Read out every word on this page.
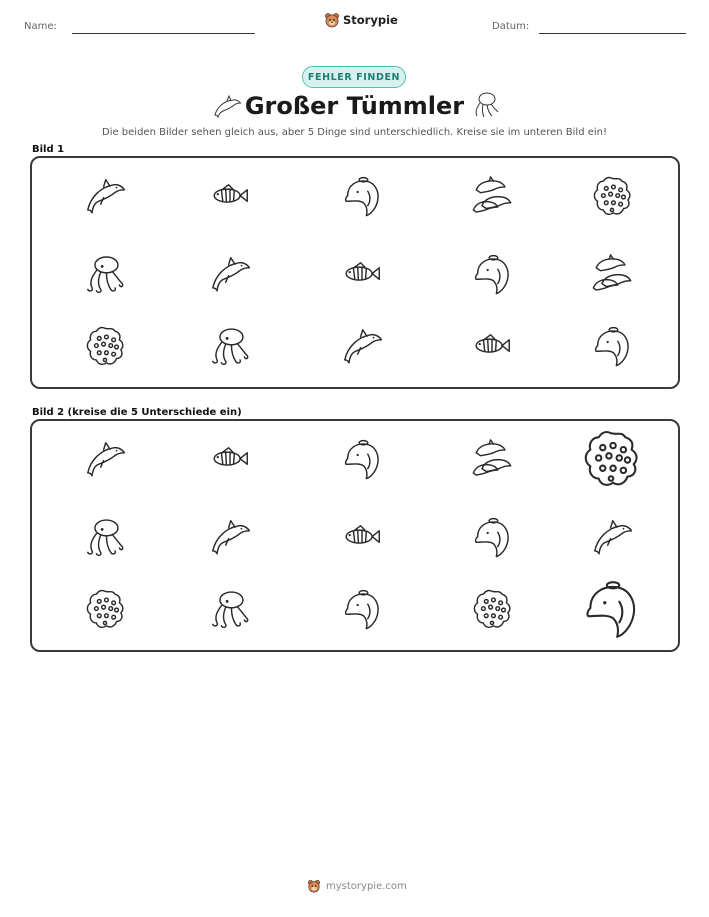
Name:	Storypie	Datum:
FEHLER FINDEN
Großer Tümmler
Die beiden Bilder sehen gleich aus, aber 5 Dinge sind unterschiedlich. Kreise sie im unteren Bild ein!
Bild 1
Bild 2 (kreise die 5 Unterschiede ein)
mystorypie.com
